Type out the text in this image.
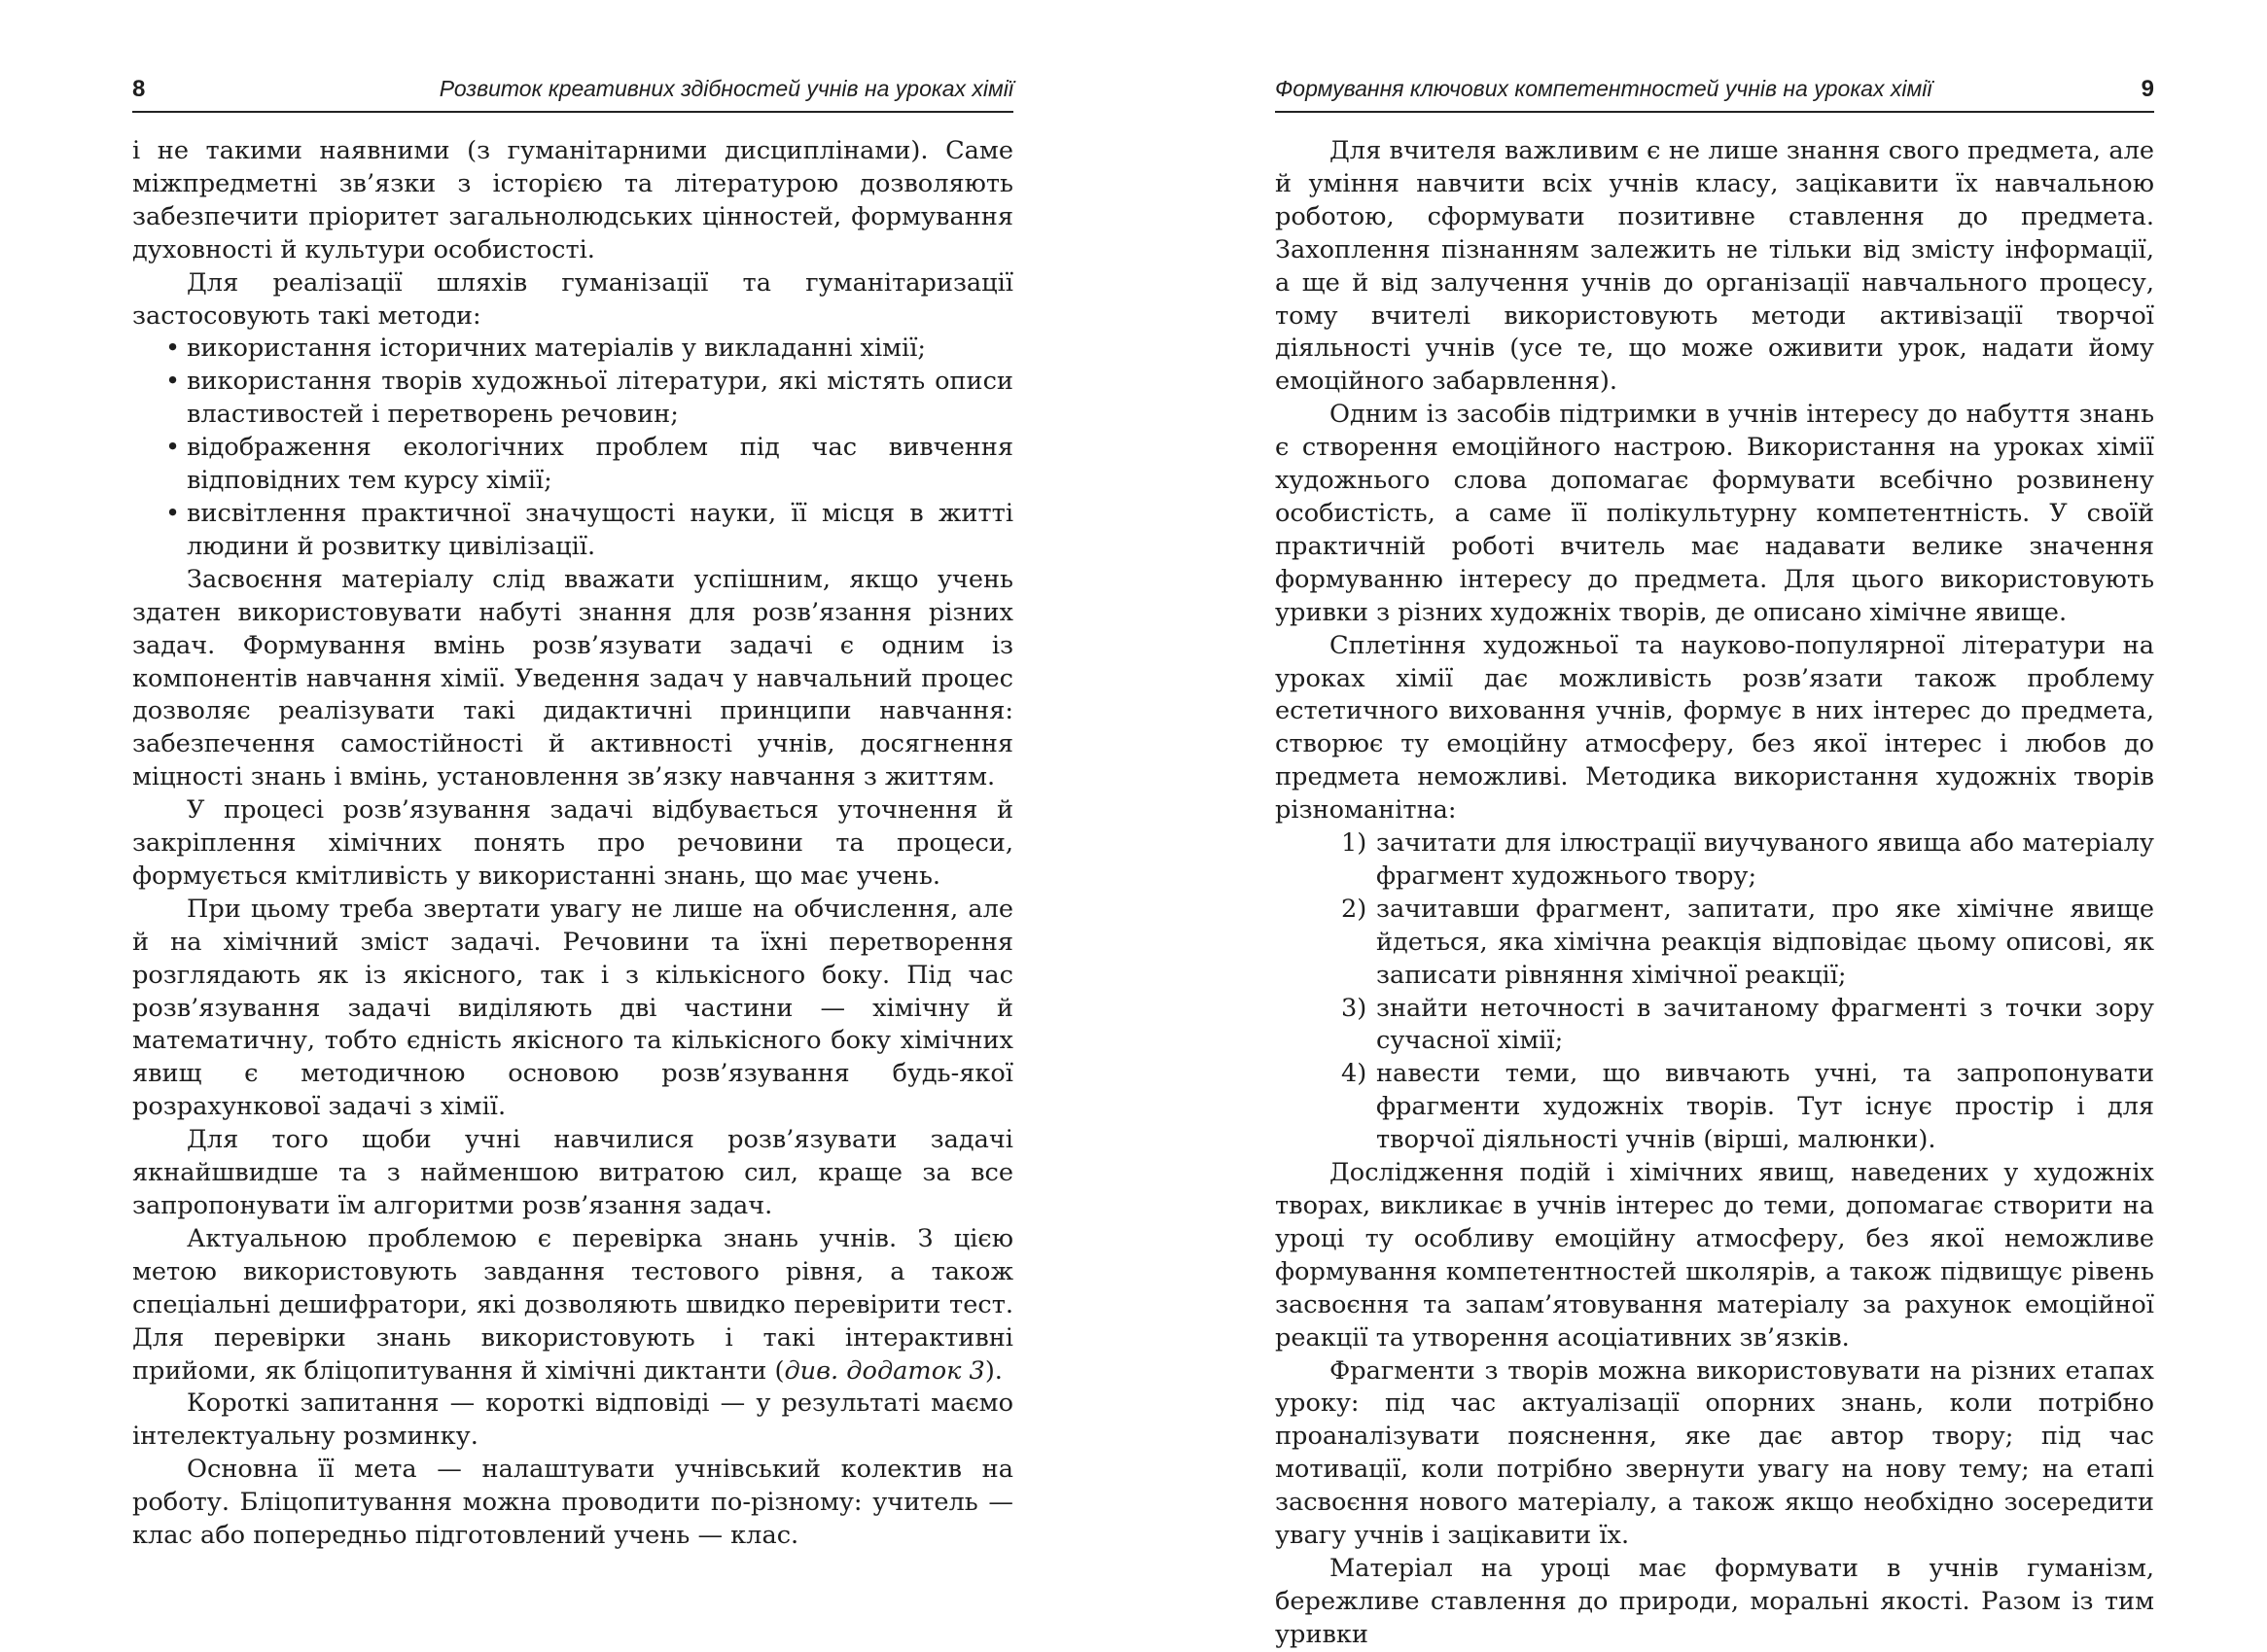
8	Розвиток креативних здібностей учнів на уроках хімії

і не такими наявними (з гуманітарними дисциплінами). Саме міжпредметні зв’язки з історією та літературою дозволяють забезпечити пріоритет загальнолюдських цінностей, формування духовності й культури особистості.

Для реалізації шляхів гуманізації та гуманітаризації застосовують такі методи:

• використання історичних матеріалів у викладанні хімії;
• використання творів художньої літератури, які містять описи властивостей і перетворень речовин;
• відображення екологічних проблем під час вивчення відповідних тем курсу хімії;
• висвітлення практичної значущості науки, її місця в житті людини й розвитку цивілізації.

Засвоєння матеріалу слід вважати успішним, якщо учень здатен використовувати набуті знання для розв’язання різних задач. Формування вмінь розв’язувати задачі є одним із компонентів навчання хімії. Уведення задач у навчальний процес дозволяє реалізувати такі дидактичні принципи навчання: забезпечення самостійності й активності учнів, досягнення міцності знань і вмінь, установлення зв’язку навчання з життям.

У процесі розв’язування задачі відбувається уточнення й закріплення хімічних понять про речовини та процеси, формується кмітливість у використанні знань, що має учень.

При цьому треба звертати увагу не лише на обчислення, але й на хімічний зміст задачі. Речовини та їхні перетворення розглядають як із якісного, так і з кількісного боку. Під час розв’язування задачі виділяють дві частини — хімічну й математичну, тобто єдність якісного та кількісного боку хімічних явищ є методичною основою розв’язування будь-якої розрахункової задачі з хімії.

Для того щоби учні навчилися розв’язувати задачі якнайшвидше та з найменшою витратою сил, краще за все запропонувати їм алгоритми розв’язання задач.

Актуальною проблемою є перевірка знань учнів. З цією метою використовують завдання тестового рівня, а також спеціальні дешифратори, які дозволяють швидко перевірити тест. Для перевірки знань використовують і такі інтерактивні прийоми, як бліцопитування й хімічні диктанти (див. додаток 3).

Короткі запитання — короткі відповіді — у результаті маємо інтелектуальну розминку.

Основна її мета — налаштувати учнівський колектив на роботу. Бліцопитування можна проводити по-різному: учитель — клас або попередньо підготовлений учень — клас.

Формування ключових компетентностей учнів на уроках хімії	9

Для вчителя важливим є не лише знання свого предмета, але й уміння навчити всіх учнів класу, зацікавити їх навчальною роботою, сформувати позитивне ставлення до предмета. Захоплення пізнанням залежить не тільки від змісту інформації, а ще й від залучення учнів до організації навчального процесу, тому вчителі використовують методи активізації творчої діяльності учнів (усе те, що може оживити урок, надати йому емоційного забарвлення).

Одним із засобів підтримки в учнів інтересу до набуття знань є створення емоційного настрою. Використання на уроках хімії художнього слова допомагає формувати всебічно розвинену особистість, а саме її полікультурну компетентність. У своїй практичній роботі вчитель має надавати велике значення формуванню інтересу до предмета. Для цього використовують уривки з різних художніх творів, де описано хімічне явище.

Сплетіння художньої та науково-популярної літератури на уроках хімії дає можливість розв’язати також проблему естетичного виховання учнів, формує в них інтерес до предмета, створює ту емоційну атмосферу, без якої інтерес і любов до предмета неможливі. Методика використання художніх творів різноманітна:

1) зачитати для ілюстрації виучуваного явища або матеріалу фрагмент художнього твору;
2) зачитавши фрагмент, запитати, про яке хімічне явище йдеться, яка хімічна реакція відповідає цьому описові, як записати рівняння хімічної реакції;
3) знайти неточності в зачитаному фрагменті з точки зору сучасної хімії;
4) навести теми, що вивчають учні, та запропонувати фрагменти художніх творів. Тут існує простір і для творчої діяльності учнів (вірші, малюнки).

Дослідження подій і хімічних явищ, наведених у художніх творах, викликає в учнів інтерес до теми, допомагає створити на уроці ту особливу емоційну атмосферу, без якої неможливе формування компетентностей школярів, а також підвищує рівень засвоєння та запам’ятовування матеріалу за рахунок емоційної реакції та утворення асоціативних зв’язків.

Фрагменти з творів можна використовувати на різних етапах уроку: під час актуалізації опорних знань, коли потрібно проаналізувати пояснення, яке дає автор твору; під час мотивації, коли потрібно звернути увагу на нову тему; на етапі засвоєння нового матеріалу, а також якщо необхідно зосередити увагу учнів і зацікавити їх.

Матеріал на уроці має формувати в учнів гуманізм, бережливе ставлення до природи, моральні якості. Разом із тим уривки
